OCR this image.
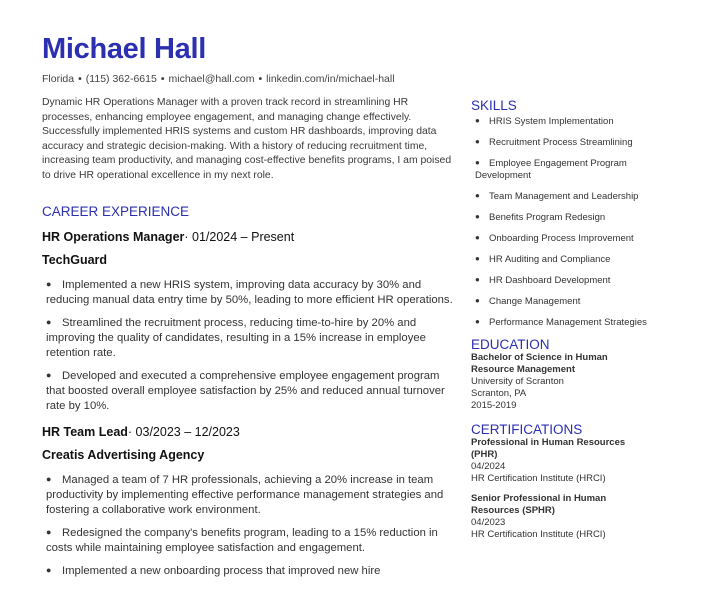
Michael Hall
Florida • (115) 362-6615 • michael@hall.com • linkedin.com/in/michael-hall

Dynamic HR Operations Manager with a proven track record in streamlining HR processes, enhancing employee engagement, and managing change effectively. Successfully implemented HRIS systems and custom HR dashboards, improving data accuracy and strategic decision-making. With a history of reducing recruitment time, increasing team productivity, and managing cost-effective benefits programs, I am poised to drive HR operational excellence in my next role.

CAREER EXPERIENCE
HR Operations Manager· 01/2024 – Present
TechGuard
● Implemented a new HRIS system, improving data accuracy by 30% and reducing manual data entry time by 50%, leading to more efficient HR operations.
● Streamlined the recruitment process, reducing time-to-hire by 20% and improving the quality of candidates, resulting in a 15% increase in employee retention rate.
● Developed and executed a comprehensive employee engagement program that boosted overall employee satisfaction by 25% and reduced annual turnover rate by 10%.
HR Team Lead· 03/2023 – 12/2023
Creatis Advertising Agency
● Managed a team of 7 HR professionals, achieving a 20% increase in team productivity by implementing effective performance management strategies and fostering a collaborative work environment.
● Redesigned the company's benefits program, leading to a 15% reduction in costs while maintaining employee satisfaction and engagement.
● Implemented a new onboarding process that improved new hire
SKILLS
● HRIS System Implementation
● Recruitment Process Streamlining
● Employee Engagement Program Development
● Team Management and Leadership
● Benefits Program Redesign
● Onboarding Process Improvement
● HR Auditing and Compliance
● HR Dashboard Development
● Change Management
● Performance Management Strategies
EDUCATION
Bachelor of Science in Human Resource Management
University of Scranton
Scranton, PA
2015-2019
CERTIFICATIONS
Professional in Human Resources (PHR)
04/2024
HR Certification Institute (HRCI)
Senior Professional in Human Resources (SPHR)
04/2023
HR Certification Institute (HRCI)
